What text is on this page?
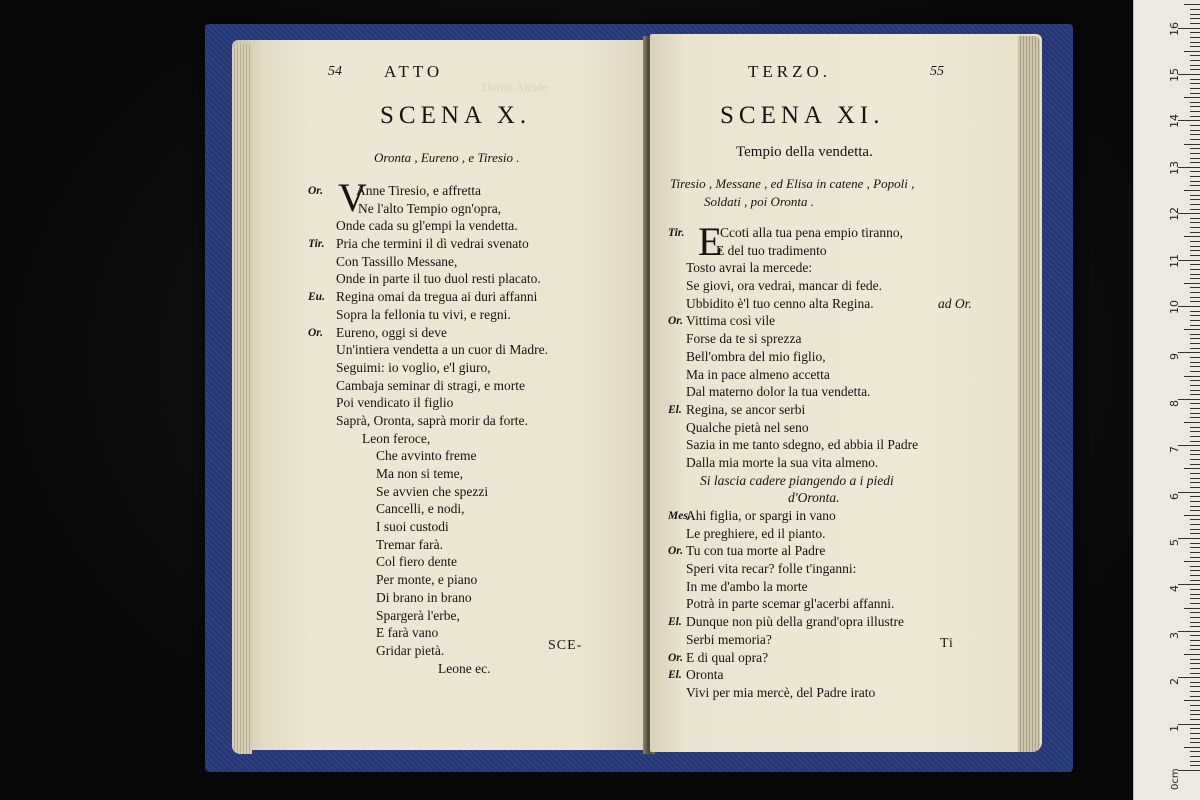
54 ATTO
SCENA X.
Oronta , Eureno , e Tiresio .
V
Or. Anne Tiresio, e affretta
Ne l'alto Tempio ogn'opra,
Onde cada su gl'empi la vendetta.
Tir. Pria che termini il dì vedrai svenato
Con Tassillo Messane,
Onde in parte il tuo duol resti placato.
Eu. Regina omai da tregua ai duri affanni
Sopra la fellonia tu vivi, e regni.
Or. Eureno, oggi si deve
Un'intiera vendetta a un cuor di Madre.
Seguimi: io voglio, e'l giuro,
Cambaja seminar di stragi, e morte
Poi vendicato il figlio
Saprà, Oronta, saprà morir da forte.
Leon feroce,
Che avvinto freme
Ma non si teme,
Se avvien che spezzi
Cancelli, e nodi,
I suoi custodi
Tremar farà.
Col fiero dente
Per monte, e piano
Di brano in brano
Spargerà l'erbe,
E farà vano
Gridar pietà.
Leone ec.
SCE-
Dormi Alcide
TERZO.	55
SCENA XI.
Tempio della vendetta.
Tiresio , Messane , ed Elisa in catene , Popoli ,
Soldati , poi Oronta .
E
Tir.	Ccoti alla tua pena empio tiranno,
E del tuo tradimento
Tosto avrai la mercede:
Se giovi, ora vedrai, mancar di fede.
Ubbidito è'l tuo cenno alta Regina.	ad Or.
Or. Vittima così vile
Forse da te si sprezza
Bell'ombra del mio figlio,
Ma in pace almeno accetta
Dal materno dolor la tua vendetta.
El. Regina, se ancor serbi
Qualche pietà nel seno
Sazia in me tanto sdegno, ed abbia il Padre
Dalla mia morte la sua vita almeno.
Si lascia cadere piangendo a i piedi
d'Oronta.
Mes.
Ahi figlia, or spargi in vano
Le preghiere, ed il pianto.
Or. Tu con tua morte al Padre
Speri vita recar? folle t'inganni:
In me d'ambo la morte
Potrà in parte scemar gl'acerbi affanni.
El. Dunque non più della grand'opra illustre
Serbi memoria?
Or. E di qual opra?
El. Oronta
Vivi per mia mercè, del Padre irato
Ti
1
2
3
4
5
6
7
8
9
10
11
12
13
14
15
16
0cm
